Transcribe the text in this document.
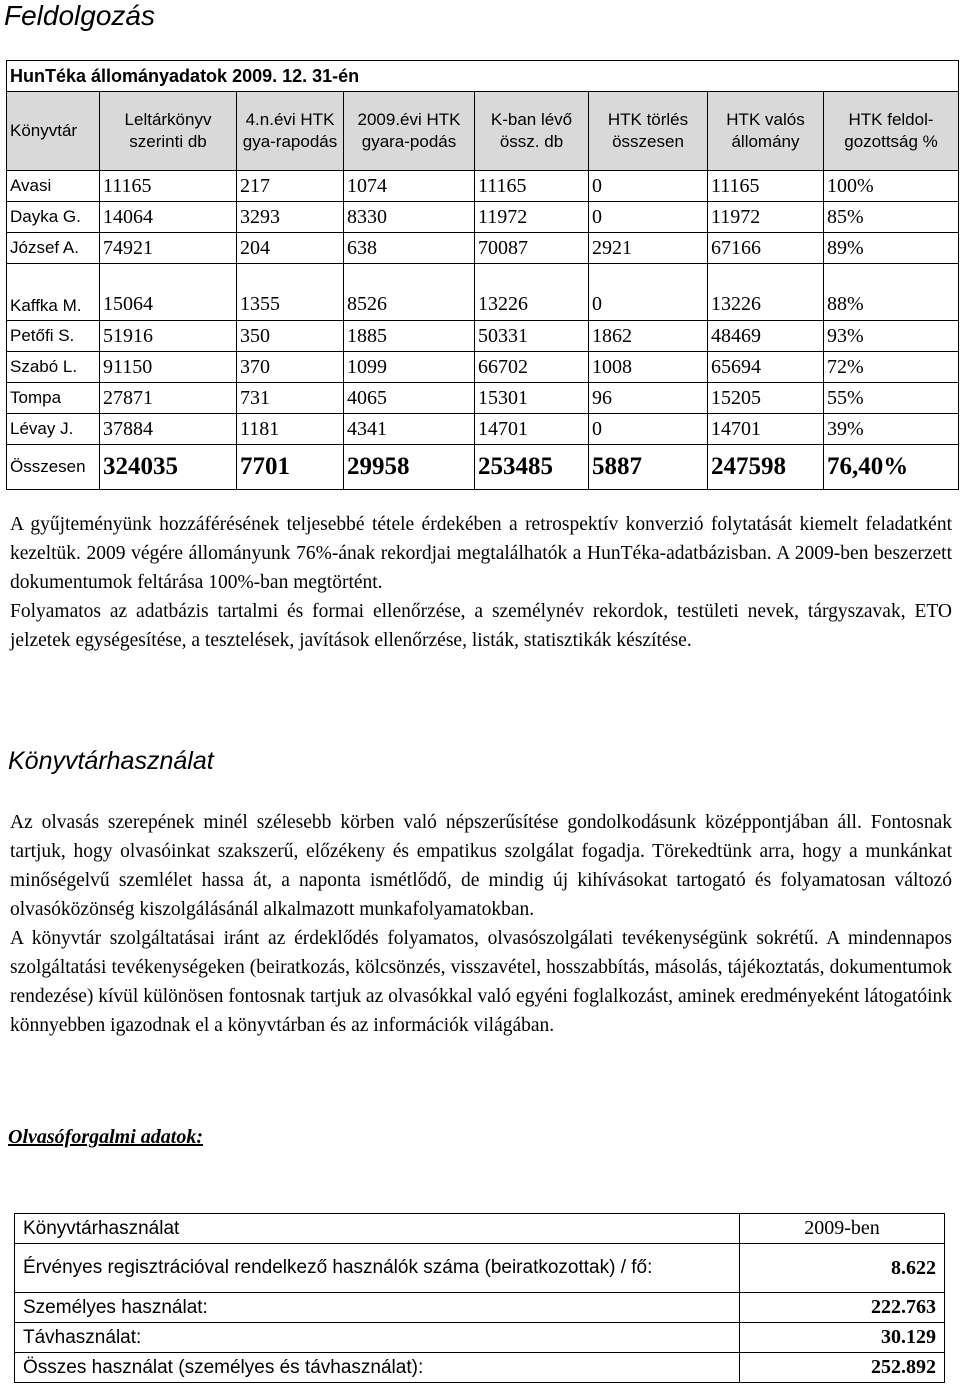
Feldolgozás
HunTéka állományadatok 2009. 12. 31-én							
Könyvtár	Leltárkönyv szerinti db	4.n.évi HTK gya-rapodás	2009.évi HTK gyara-podás	K-ban lévő össz. db	HTK törlés összesen	HTK valós állomány	HTK feldol-gozottság %
Avasi	11165	217	1074	11165	0	11165	100%
Dayka G.	14064	3293	8330	11972	0	11972	85%
József A.	74921	204	638	70087	2921	67166	89%
Kaffka M.	15064	1355	8526	13226	0	13226	88%
Petőfi S.	51916	350	1885	50331	1862	48469	93%
Szabó L.	91150	370	1099	66702	1008	65694	72%
Tompa	27871	731	4065	15301	96	15205	55%
Lévay J.	37884	1181	4341	14701	0	14701	39%
Összesen	324035	7701	29958	253485	5887	247598	76,40%

A gyűjteményünk hozzáférésének teljesebbé tétele érdekében a retrospektív konverzió folytatását kiemelt feladatként kezeltük. 2009 végére állományunk 76%-ának rekordjai megtalálhatók a HunTéka-adatbázisban. A 2009-ben beszerzett dokumentumok feltárása 100%-ban megtörtént.

Folyamatos az adatbázis tartalmi és formai ellenőrzése, a személynév rekordok, testületi nevek, tárgyszavak, ETO jelzetek egységesítése, a tesztelések, javítások ellenőrzése, listák, statisztikák készítése.

Könyvtárhasználat

Az olvasás szerepének minél szélesebb körben való népszerűsítése gondolkodásunk középpontjában áll. Fontosnak tartjuk, hogy olvasóinkat szakszerű, előzékeny és empatikus szolgálat fogadja. Törekedtünk arra, hogy a munkánkat minőségelvű szemlélet hassa át, a naponta ismétlődő, de mindig új kihívásokat tartogató és folyamatosan változó olvasóközönség kiszolgálásánál alkalmazott munkafolyamatokban.

A könyvtár szolgáltatásai iránt az érdeklődés folyamatos, olvasószolgálati tevékenységünk sokrétű. A mindennapos szolgáltatási tevékenységeken (beiratkozás, kölcsönzés, visszavétel, hosszabbítás, másolás, tájékoztatás, dokumentumok rendezése) kívül különösen fontosnak tartjuk az olvasókkal való egyéni foglalkozást, aminek eredményeként látogatóink könnyebben igazodnak el a könyvtárban és az információk világában.

Olvasóforgalmi adatok:
Könyvtárhasználat	2009-ben
Érvényes regisztrációval rendelkező használók száma (beiratkozottak) / fő:	8.622
Személyes használat:	222.763
Távhasználat:	30.129
Összes használat (személyes és távhasználat):	252.892
